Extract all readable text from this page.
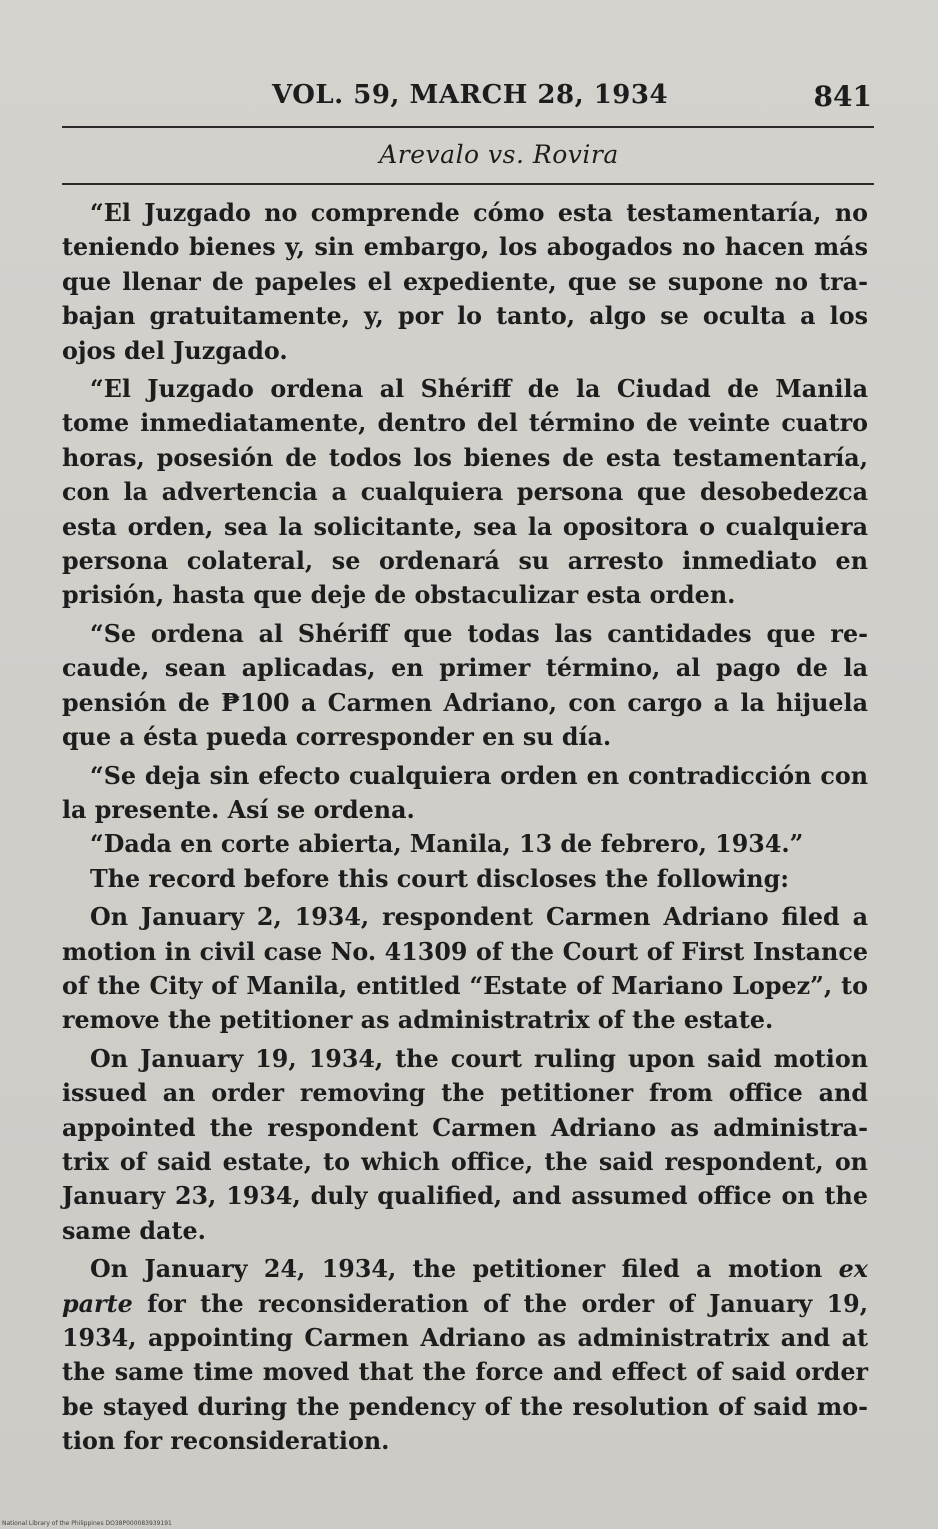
VOL. 59, MARCH 28, 1934	841
Arevalo vs. Rovira

“El Juzgado no comprende cómo esta testamentaría, no teniendo bienes y, sin embargo, los abogados no hacen más que llenar de papeles el expediente, que se supone no trabajan gratuitamente, y, por lo tanto, algo se oculta a los ojos del Juzgado.

“El Juzgado ordena al Shériff de la Ciudad de Manila tome inmediatamente, dentro del término de veinte cuatro horas, posesión de todos los bienes de esta testamentaría, con la advertencia a cualquiera persona que desobedezca esta orden, sea la solicitante, sea la opositora o cualquiera persona colateral, se ordenará su arresto inmediato en prisión, hasta que deje de obstaculizar esta orden.

“Se ordena al Shériff que todas las cantidades que recaude, sean aplicadas, en primer término, al pago de la pensión de ₱100 a Carmen Adriano, con cargo a la hijuela que a ésta pueda corresponder en su día.

“Se deja sin efecto cualquiera orden en contradicción con la presente. Así se ordena.

“Dada en corte abierta, Manila, 13 de febrero, 1934.”

The record before this court discloses the following:

On January 2, 1934, respondent Carmen Adriano filed a motion in civil case No. 41309 of the Court of First Instance of the City of Manila, entitled “Estate of Mariano Lopez”, to remove the petitioner as administratrix of the estate.

On January 19, 1934, the court ruling upon said motion issued an order removing the petitioner from office and appointed the respondent Carmen Adriano as administratrix of said estate, to which office, the said respondent, on January 23, 1934, duly qualified, and assumed office on the same date.

On January 24, 1934, the petitioner filed a motion ex parte for the reconsideration of the order of January 19, 1934, appointing Carmen Adriano as administratrix and at the same time moved that the force and effect of said order be stayed during the pendency of the resolution of said motion for reconsideration.

National Library of the Philippines DO38P000083939191
